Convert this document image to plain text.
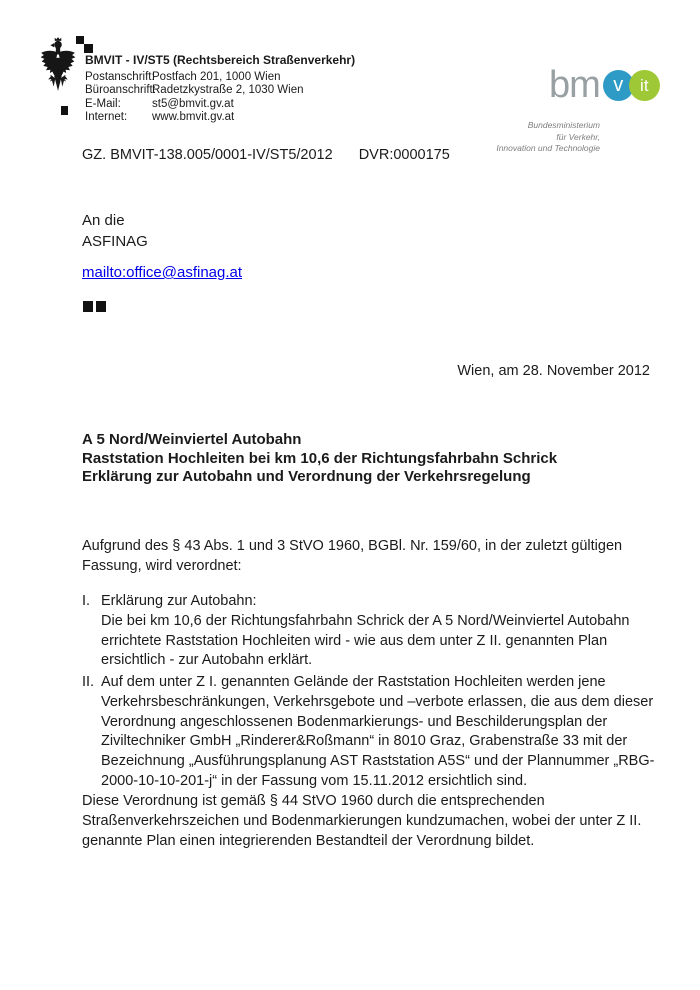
BMVIT - IV/ST5 (Rechtsbereich Straßenverkehr)
Postanschrift:
Postfach 201, 1000 Wien
Büroanschrift:
Radetzkystraße 2, 1030 Wien
E-Mail:	st5@bmvit.gv.at
Internet:	www.bmvit.gv.at
bm v it
Bundesministerium
für Verkehr,
Innovation und Technologie
GZ. BMVIT-138.005/0001-IV/ST5/2012 DVR:0000175
An die
ASFINAG
mailto:office@asfinag.at
Wien, am 28. November 2012
A 5 Nord/Weinviertel Autobahn
Raststation Hochleiten bei km 10,6 der Richtungsfahrbahn Schrick
Erklärung zur Autobahn und Verordnung der Verkehrsregelung
Aufgrund des § 43 Abs. 1 und 3 StVO 1960, BGBl. Nr. 159/60, in der zuletzt gültigen Fassung, wird verordnet:
I. Erklärung zur Autobahn:
Die bei km 10,6 der Richtungsfahrbahn Schrick der A 5 Nord/Weinviertel Autobahn errichtete Raststation Hochleiten wird - wie aus dem unter Z II. genannten Plan ersichtlich - zur Autobahn erklärt.
II. Auf dem unter Z I. genannten Gelände der Raststation Hochleiten werden jene Verkehrsbeschränkungen, Verkehrsgebote und –verbote erlassen, die aus dem dieser Verordnung angeschlossenen Bodenmarkierungs- und Beschilderungsplan der Ziviltechniker GmbH „Rinderer&Roßmann“ in 8010 Graz, Grabenstraße 33 mit der Bezeichnung „Ausführungsplanung AST Raststation A5S“ und der Plannummer „RBG-2000-10-10-201-j“ in der Fassung vom 15.11.2012 ersichtlich sind.
Diese Verordnung ist gemäß § 44 StVO 1960 durch die entsprechenden Straßenverkehrszeichen und Bodenmarkierungen kundzumachen, wobei der unter Z II. genannte Plan einen integrierenden Bestandteil der Verordnung bildet.
